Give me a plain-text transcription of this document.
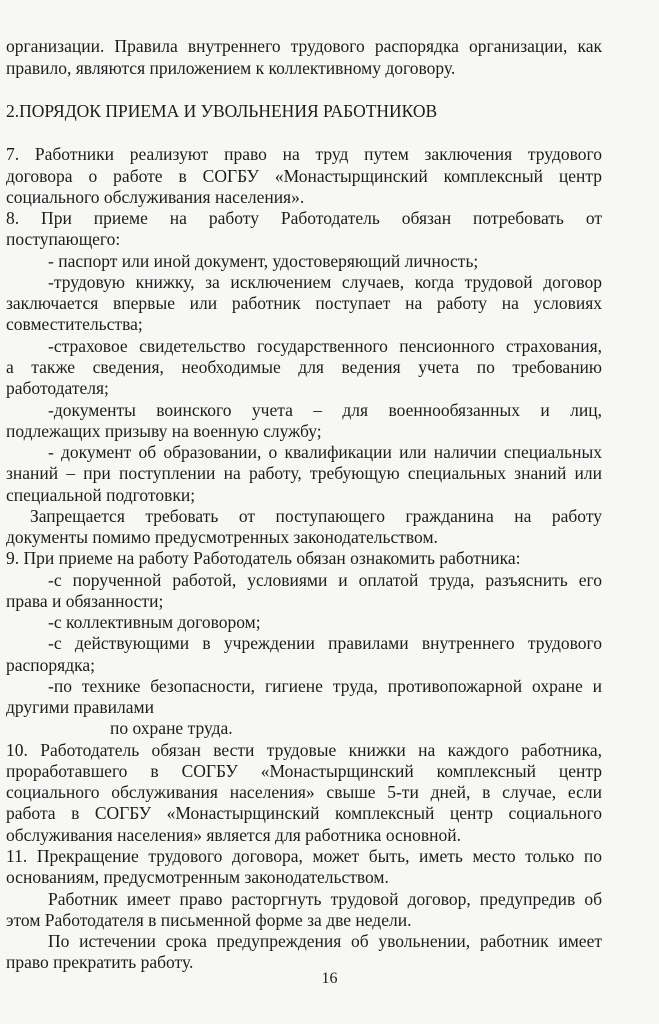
организации. Правила внутреннего трудового распорядка организации, как
правило, являются приложением к коллективному договору.
2.ПОРЯДОК ПРИЕМА И УВОЛЬНЕНИЯ РАБОТНИКОВ
7. Работники реализуют право на труд путем заключения трудового
договора о работе в СОГБУ «Монастырщинский комплексный центр
социального обслуживания населения».
8. При приеме на работу Работодатель обязан потребовать от
поступающего:
- паспорт или иной документ, удостоверяющий личность;
-трудовую книжку, за исключением случаев, когда трудовой договор
заключается впервые или работник поступает на работу на условиях
совместительства;
-страховое свидетельство государственного пенсионного страхования,
а также сведения, необходимые для ведения учета по требованию
работодателя;
-документы воинского учета – для военнообязанных и лиц,
подлежащих призыву на военную службу;
- документ об образовании, о квалификации или наличии специальных
знаний – при поступлении на работу, требующую специальных знаний или
специальной подготовки;
Запрещается требовать от поступающего гражданина на работу
документы помимо предусмотренных законодательством.
9. При приеме на работу Работодатель обязан ознакомить работника:
-с порученной работой, условиями и оплатой труда, разъяснить его
права и обязанности;
-с коллективным договором;
-с действующими в учреждении правилами внутреннего трудового
распорядка;
-по технике безопасности, гигиене труда, противопожарной охране и
другими правилами
по охране труда.
10. Работодатель обязан вести трудовые книжки на каждого работника,
проработавшего в СОГБУ «Монастырщинский комплексный центр
социального обслуживания населения» свыше 5-ти дней, в случае, если
работа в СОГБУ «Монастырщинский комплексный центр социального
обслуживания населения» является для работника основной.
11. Прекращение трудового договора, может быть, иметь место только по
основаниям, предусмотренным законодательством.
Работник имеет право расторгнуть трудовой договор, предупредив об
этом Работодателя в письменной форме за две недели.
По истечении срока предупреждения об увольнении, работник имеет
право прекратить работу.
16
